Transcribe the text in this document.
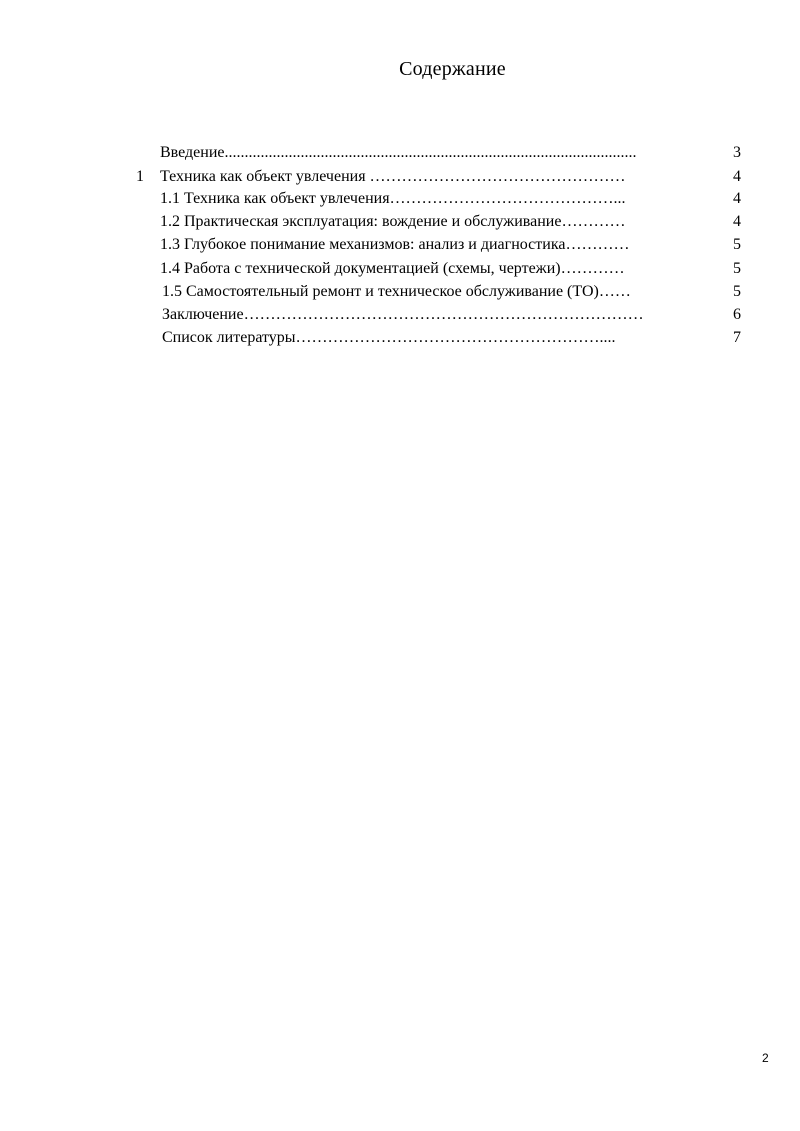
Содержание
Введение.......................................................................................................	3
1 Техника как объект увлечения …………………………………………	4
1.1 Техника как объект увлечения……………………………………...	4
1.2 Практическая эксплуатация: вождение и обслуживание…………	4
1.3 Глубокое понимание механизмов: анализ и диагностика…………	5
1.4 Работа с технической документацией (схемы, чертежи)…………	5
1.5 Самостоятельный ремонт и техническое обслуживание (ТО)……	5
Заключение…………………………………………………………………	6
Список литературы…………………………………………………....	7
2
